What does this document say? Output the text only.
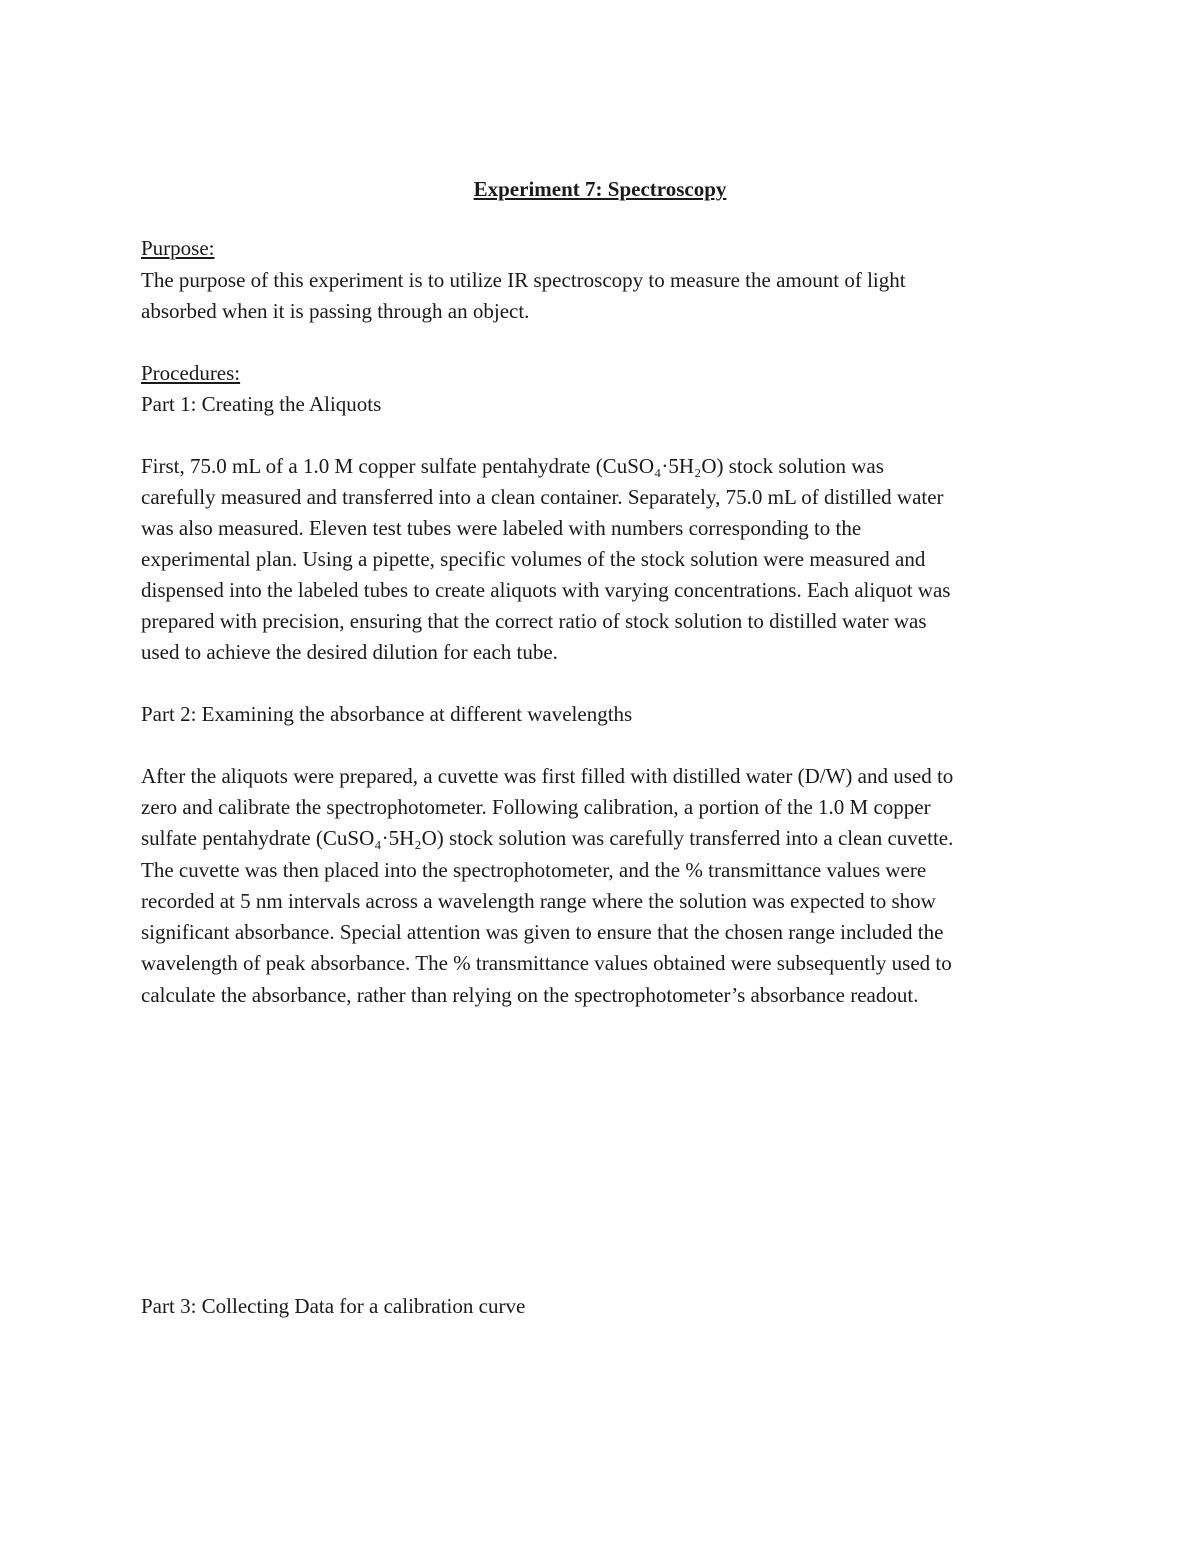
Experiment 7: Spectroscopy
Purpose:
The purpose of this experiment is to utilize IR spectroscopy to measure the amount of light
absorbed when it is passing through an object.
Procedures:
Part 1: Creating the Aliquots
First, 75.0 mL of a 1.0 M copper sulfate pentahydrate (CuSO₄·5H₂O) stock solution was
carefully measured and transferred into a clean container. Separately, 75.0 mL of distilled water
was also measured. Eleven test tubes were labeled with numbers corresponding to the
experimental plan. Using a pipette, specific volumes of the stock solution were measured and
dispensed into the labeled tubes to create aliquots with varying concentrations. Each aliquot was
prepared with precision, ensuring that the correct ratio of stock solution to distilled water was
used to achieve the desired dilution for each tube.
Part 2: Examining the absorbance at different wavelengths
After the aliquots were prepared, a cuvette was first filled with distilled water (D/W) and used to
zero and calibrate the spectrophotometer. Following calibration, a portion of the 1.0 M copper
sulfate pentahydrate (CuSO₄·5H₂O) stock solution was carefully transferred into a clean cuvette.
The cuvette was then placed into the spectrophotometer, and the % transmittance values were
recorded at 5 nm intervals across a wavelength range where the solution was expected to show
significant absorbance. Special attention was given to ensure that the chosen range included the
wavelength of peak absorbance. The % transmittance values obtained were subsequently used to
calculate the absorbance, rather than relying on the spectrophotometer’s absorbance readout.
Part 3: Collecting Data for a calibration curve
